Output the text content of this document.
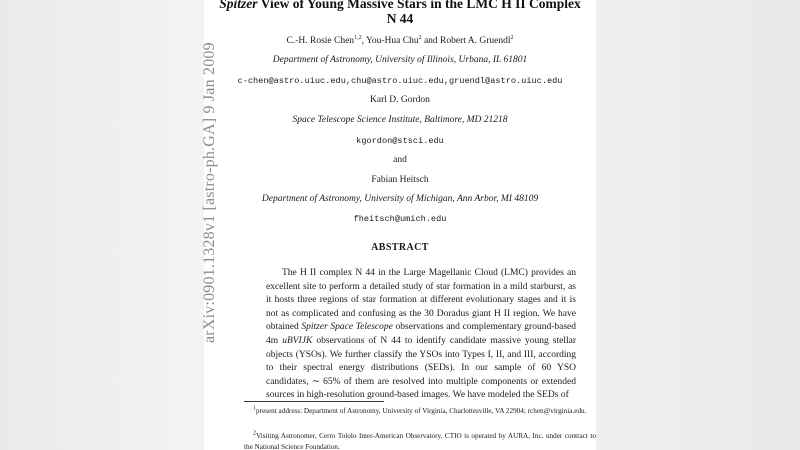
arXiv:0901.1328v1 [astro-ph.GA] 9 Jan 2009
Spitzer View of Young Massive Stars in the LMC H II Complex
N 44
C.-H. Rosie Chen$^{1,2}$, You-Hua Chu$^2$ and Robert A. Gruendl$^2$
Department of Astronomy, University of Illinois, Urbana, IL 61801
c-chen@astro.uiuc.edu,chu@astro.uiuc.edu,gruendl@astro.uiuc.edu
Karl D. Gordon
Space Telescope Science Institute, Baltimore, MD 21218
kgordon@stsci.edu
and
Fabian Heitsch
Department of Astronomy, University of Michigan, Ann Arbor, MI 48109
fheitsch@umich.edu
ABSTRACT

The H II complex N 44 in the Large Magellanic Cloud (LMC) provides an excellent site to perform a detailed study of star formation in a mild starburst, as it hosts three regions of star formation at different evolutionary stages and it is not as complicated and confusing as the 30 Doradus giant H II region. We have obtained Spitzer Space Telescope observations and complementary ground-based 4m uBVIJK observations of N 44 to identify candidate massive young stellar objects (YSOs). We further classify the YSOs into Types I, II, and III, according to their spectral energy distributions (SEDs). In our sample of 60 YSO candidates, ∼ 65% of them are resolved into multiple components or extended sources in high-resolution ground-based images. We have modeled the SEDs of

$^1$present address: Department of Astronomy, University of Virginia, Charlottesville, VA 22904; rchen@virginia.edu.

$^2$Visiting Astronomer, Cerro Tololo Inter-American Observatory. CTIO is operated by AURA, Inc. under contract to the National Science Foundation.
